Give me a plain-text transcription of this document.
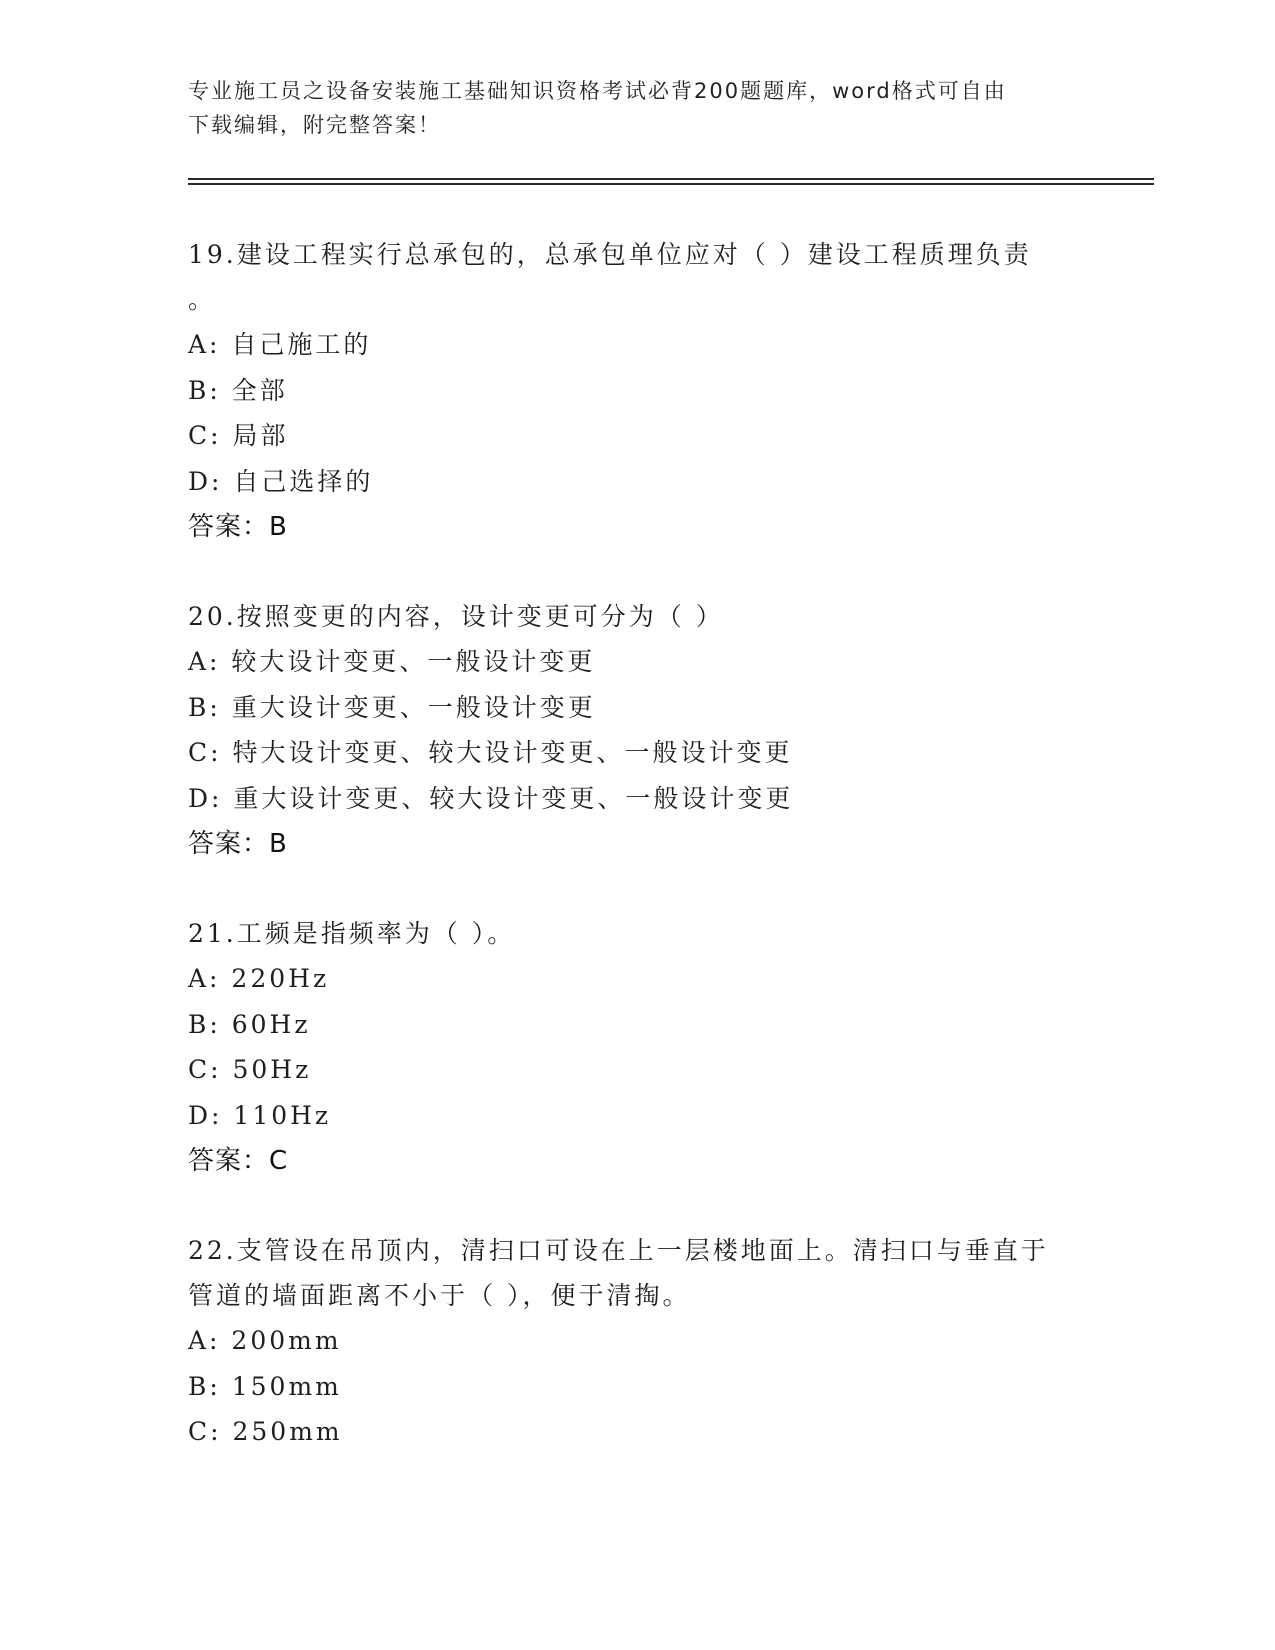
专业施工员之设备安装施工基础知识资格考试必背200题题库，word格式可自由
下载编辑，附完整答案！
19.建设工程实行总承包的，总承包单位应对（ ）建设工程质理负责
。
A: 自己施工的
B: 全部
C: 局部
D: 自己选择的
答案：B
20.按照变更的内容，设计变更可分为（ ）
A: 较大设计变更、一般设计变更
B: 重大设计变更、一般设计变更
C: 特大设计变更、较大设计变更、一般设计变更
D: 重大设计变更、较大设计变更、一般设计变更
答案：B
21.工频是指频率为（ ）。
A: 220Hz
B: 60Hz
C: 50Hz
D: 110Hz
答案：C
22.支管设在吊顶内，清扫口可设在上一层楼地面上。清扫口与垂直于
管道的墙面距离不小于（ ），便于清掏。
A: 200mm
B: 150mm
C: 250mm
